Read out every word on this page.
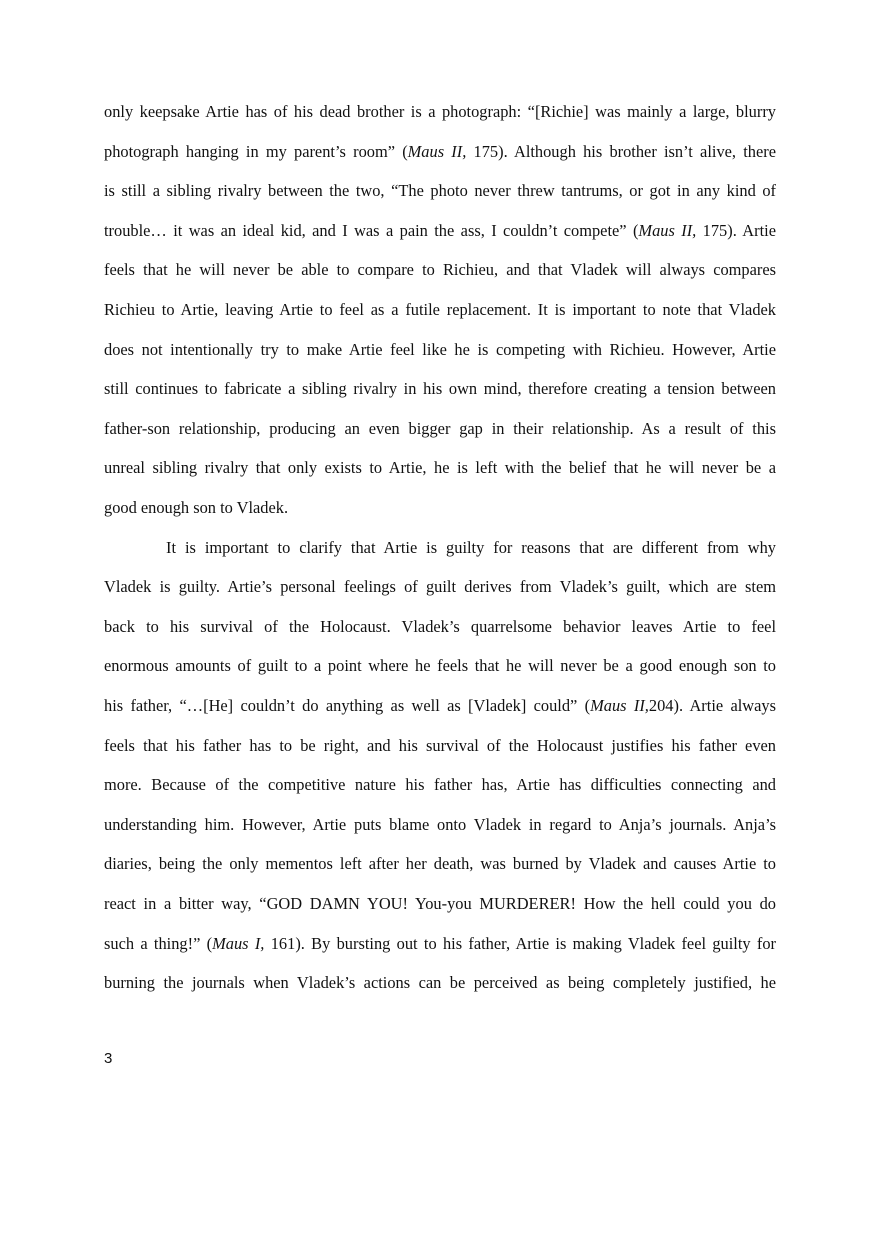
only keepsake Artie has of his dead brother is a photograph: “[Richie] was mainly a large, blurry
photograph hanging in my parent’s room” (Maus II, 175). Although his brother isn’t alive, there
is still a sibling rivalry between the two, “The photo never threw tantrums, or got in any kind of
trouble… it was an ideal kid, and I was a pain the ass, I couldn’t compete” (Maus II, 175). Artie
feels that he will never be able to compare to Richieu, and that Vladek will always compares
Richieu to Artie, leaving Artie to feel as a futile replacement. It is important to note that Vladek
does not intentionally try to make Artie feel like he is competing with Richieu. However, Artie
still continues to fabricate a sibling rivalry in his own mind, therefore creating a tension between
father-son relationship, producing an even bigger gap in their relationship. As a result of this
unreal sibling rivalry that only exists to Artie, he is left with the belief that he will never be a
good enough son to Vladek.
It is important to clarify that Artie is guilty for reasons that are different from why
Vladek is guilty. Artie’s personal feelings of guilt derives from Vladek’s guilt, which are stem
back to his survival of the Holocaust. Vladek’s quarrelsome behavior leaves Artie to feel
enormous amounts of guilt to a point where he feels that he will never be a good enough son to
his father, “…[He] couldn’t do anything as well as [Vladek] could” (Maus II,204). Artie always
feels that his father has to be right, and his survival of the Holocaust justifies his father even
more. Because of the competitive nature his father has, Artie has difficulties connecting and
understanding him. However, Artie puts blame onto Vladek in regard to Anja’s journals. Anja’s
diaries, being the only mementos left after her death, was burned by Vladek and causes Artie to
react in a bitter way, “GOD DAMN YOU! You-you MURDERER! How the hell could you do
such a thing!” (Maus I, 161). By bursting out to his father, Artie is making Vladek feel guilty for
burning the journals when Vladek’s actions can be perceived as being completely justified, he
3
